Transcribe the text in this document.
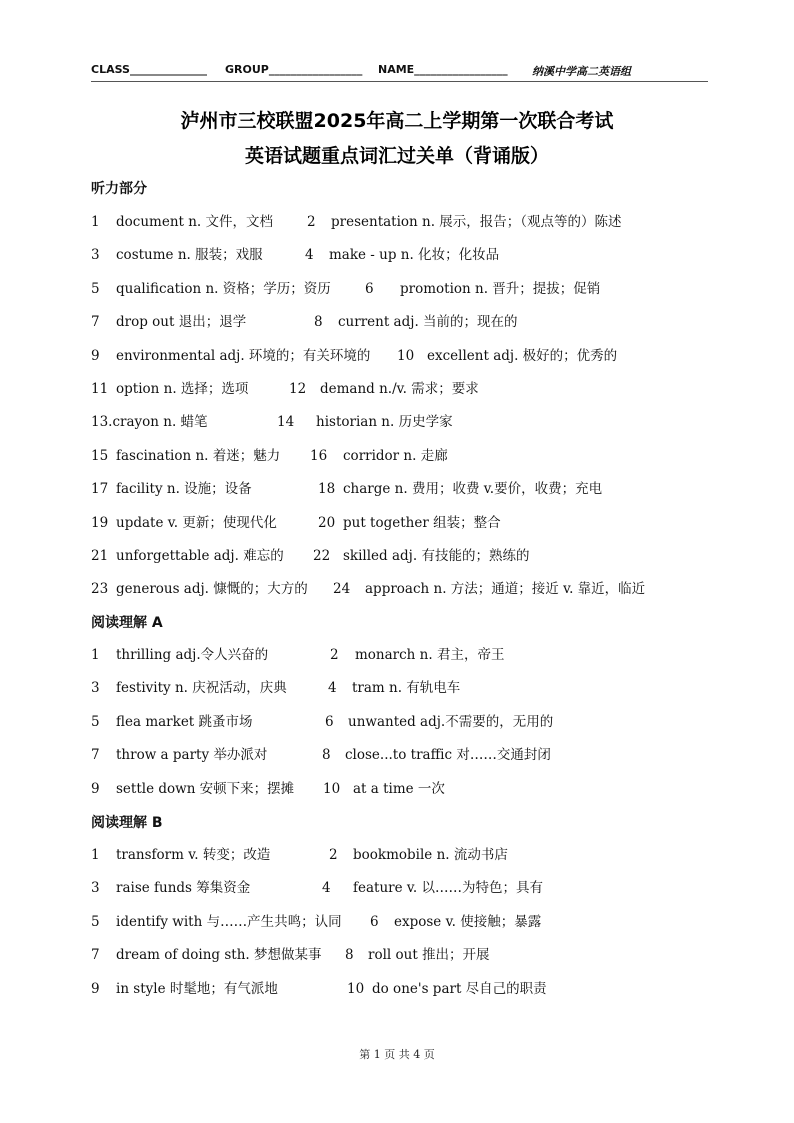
CLASS______________ GROUP_________________ NAME_________________ 纳溪中学高二英语组
泸州市三校联盟2025年高二上学期第一次联合考试
英语试题重点词汇过关单（背诵版）
听力部分
1 document n. 文件，文档	2 presentation n. 展示，报告；（观点等的）陈述
3 costume n. 服装；戏服	4 make - up n. 化妆；化妆品
5 qualification n. 资格；学历；资历	6 promotion n. 晋升；提拔；促销
7 drop out 退出；退学	8 current adj. 当前的；现在的
9 environmental adj. 环境的；有关环境的 10 excellent adj. 极好的；优秀的
11 option n. 选择；选项	12 demand n./v. 需求；要求
13.crayon n. 蜡笔	14 historian n. 历史学家
15 fascination n. 着迷；魅力 16 corridor n. 走廊
17 facility n. 设施；设备	18 charge n. 费用；收费 v.要价，收费；充电
19 update v. 更新；使现代化	20 put together 组装；整合
21 unforgettable adj. 难忘的 22 skilled adj. 有技能的；熟练的
23 generous adj. 慷慨的；大方的 24 approach n. 方法；通道；接近 v. 靠近，临近
阅读理解 A
1 thrilling adj.令人兴奋的	2 monarch n. 君主，帝王
3 festivity n. 庆祝活动，庆典	4 tram n. 有轨电车
5 flea market 跳蚤市场	6 unwanted adj.不需要的，无用的
7 throw a party 举办派对	8 close...to traffic 对……交通封闭
9 settle down 安顿下来；摆摊 10 at a time 一次
阅读理解 B
1 transform v. 转变；改造	2 bookmobile n. 流动书店
3 raise funds 筹集资金	4 feature v. 以……为特色；具有
5 identify with 与……产生共鸣；认同 6 expose v. 使接触；暴露
7 dream of doing sth. 梦想做某事 8 roll out 推出；开展
9 in style 时髦地；有气派地	10 do one's part 尽自己的职责
第 1 页 共 4 页
